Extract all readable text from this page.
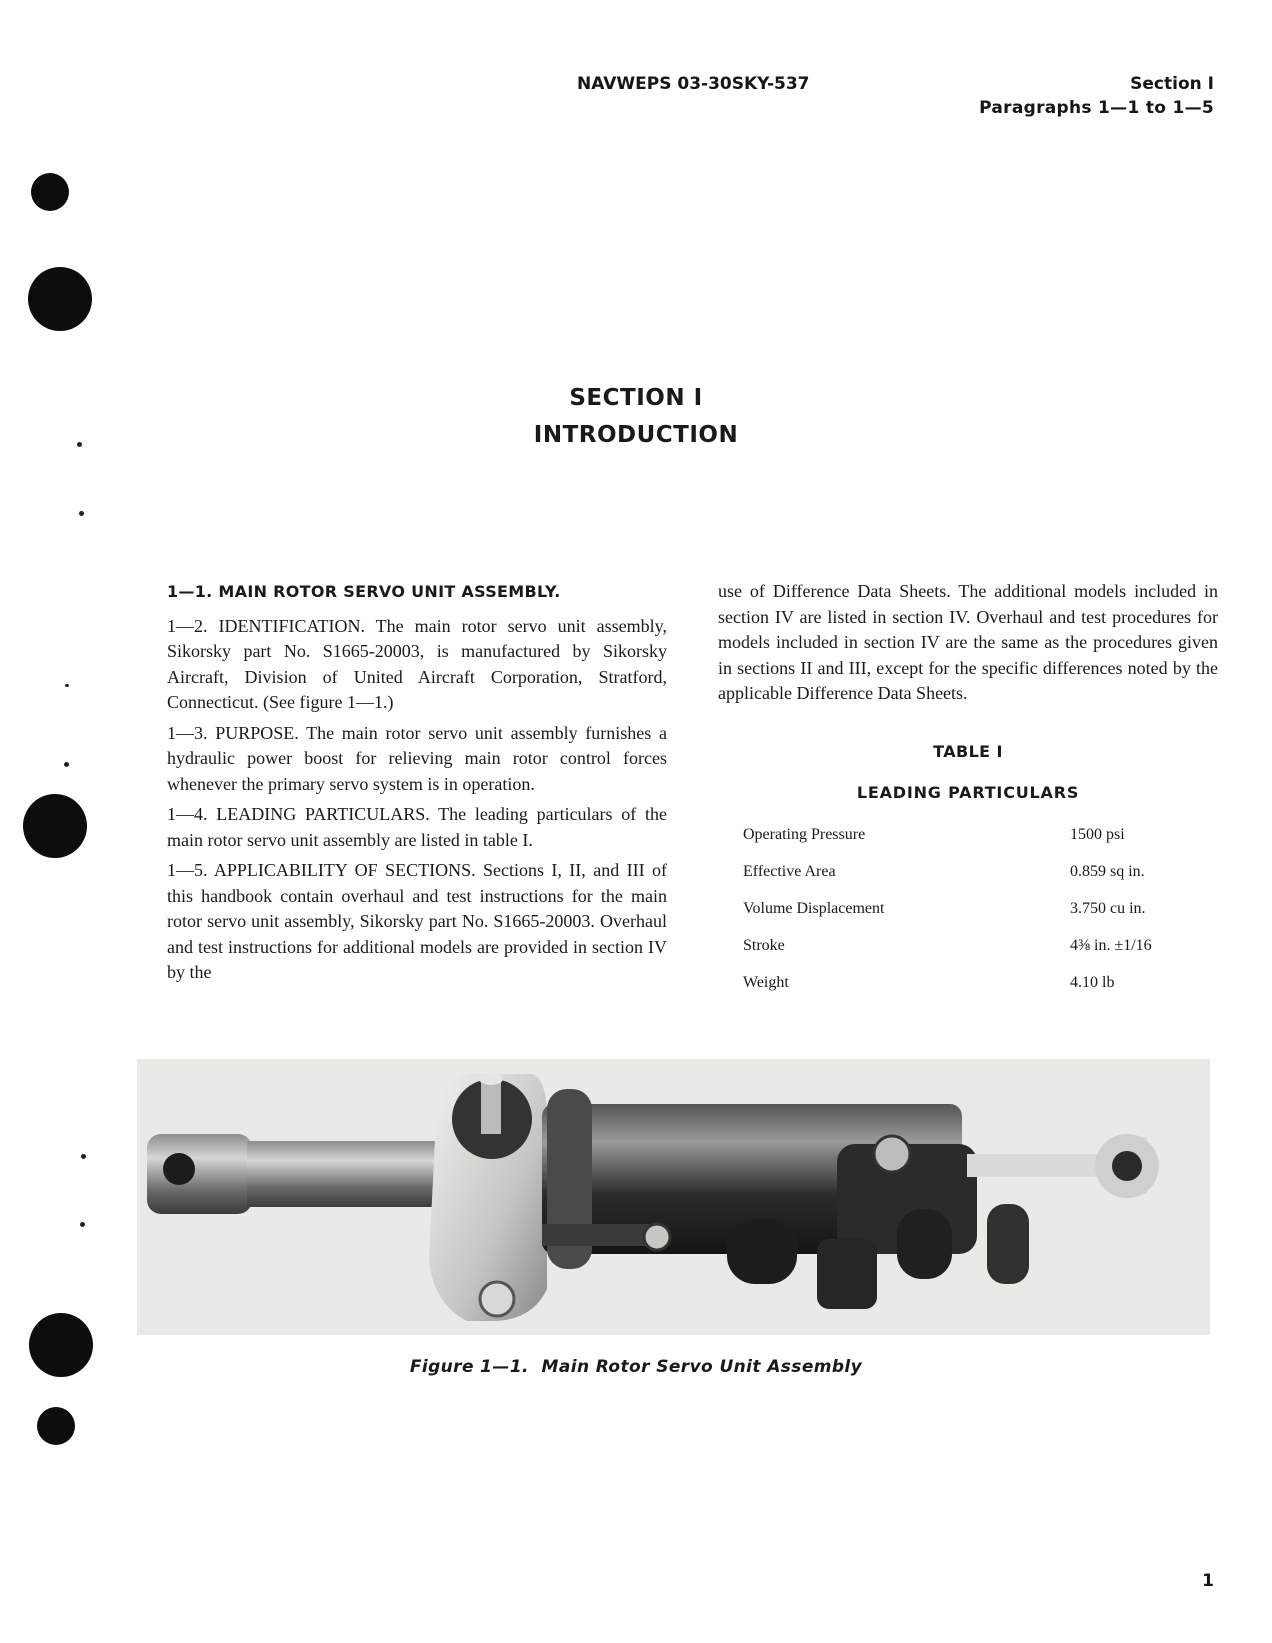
NAVWEPS 03-30SKY-537	Section I
Paragraphs 1—1 to 1—5
SECTION I
INTRODUCTION

1—1. MAIN ROTOR SERVO UNIT ASSEMBLY.

1—2. IDENTIFICATION. The main rotor servo unit assembly, Sikorsky part No. S1665-20003, is manufactured by Sikorsky Aircraft, Division of United Aircraft Corporation, Stratford, Connecticut. (See figure 1—1.)

1—3. PURPOSE. The main rotor servo unit assembly furnishes a hydraulic power boost for relieving main rotor control forces whenever the primary servo system is in operation.

1—4. LEADING PARTICULARS. The leading particulars of the main rotor servo unit assembly are listed in table I.

1—5. APPLICABILITY OF SECTIONS. Sections I, II, and III of this handbook contain overhaul and test instructions for the main rotor servo unit assembly, Sikorsky part No. S1665-20003. Overhaul and test instructions for additional models are provided in section IV by the

use of Difference Data Sheets. The additional models included in section IV are listed in section IV. Overhaul and test procedures for models included in section IV are the same as the procedures given in sections II and III, except for the specific differences noted by the applicable Difference Data Sheets.

TABLE I
LEADING PARTICULARS
Operating Pressure	1500 psi
Effective Area	0.859 sq in.
Volume Displacement	3.750 cu in.
Stroke	4⅜ in. ±1/16
Weight	4.10 lb
Figure 1—1.  Main Rotor Servo Unit Assembly
1
